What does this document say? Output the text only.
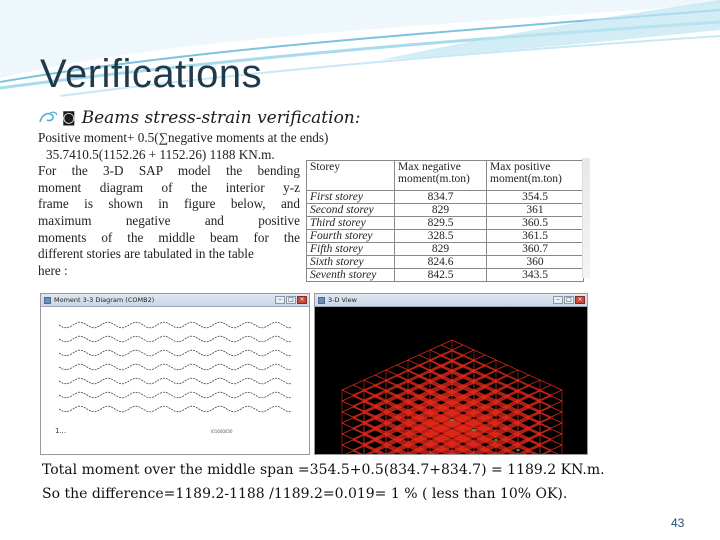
Verifications
◙ Beams stress-strain verification:
Positive moment+ 0.5(∑negative moments at the ends)
35.7410.5(1152.26 + 1152.26) 1188 KN.m.
For the 3-D SAP model the bending
moment diagram of the interior y-z
frame is shown in figure below, and
maximum negative and positive
moments of the middle beam for the
different stories are tabulated in the table
here :
Storey	Max negative moment(m.ton)	Max positive moment(m.ton)
First storey	834.7	354.5
Second storey	829	361
Third storey	829.5	360.5
Fourth storey	328.5	361.5
Fifth storey	829	360.7
Sixth storey	824.6	360
Seventh storey	842.5	343.5
Moment 3-3 Diagram (COMB2)	–	□ ×
I01600056
1...
3-D View	–	□ ×
Total moment over the middle span =354.5+0.5(834.7+834.7) = 1189.2 KN.m.
So the difference=1189.2-1188 /1189.2=0.019= 1 % ( less than 10% OK).
43
